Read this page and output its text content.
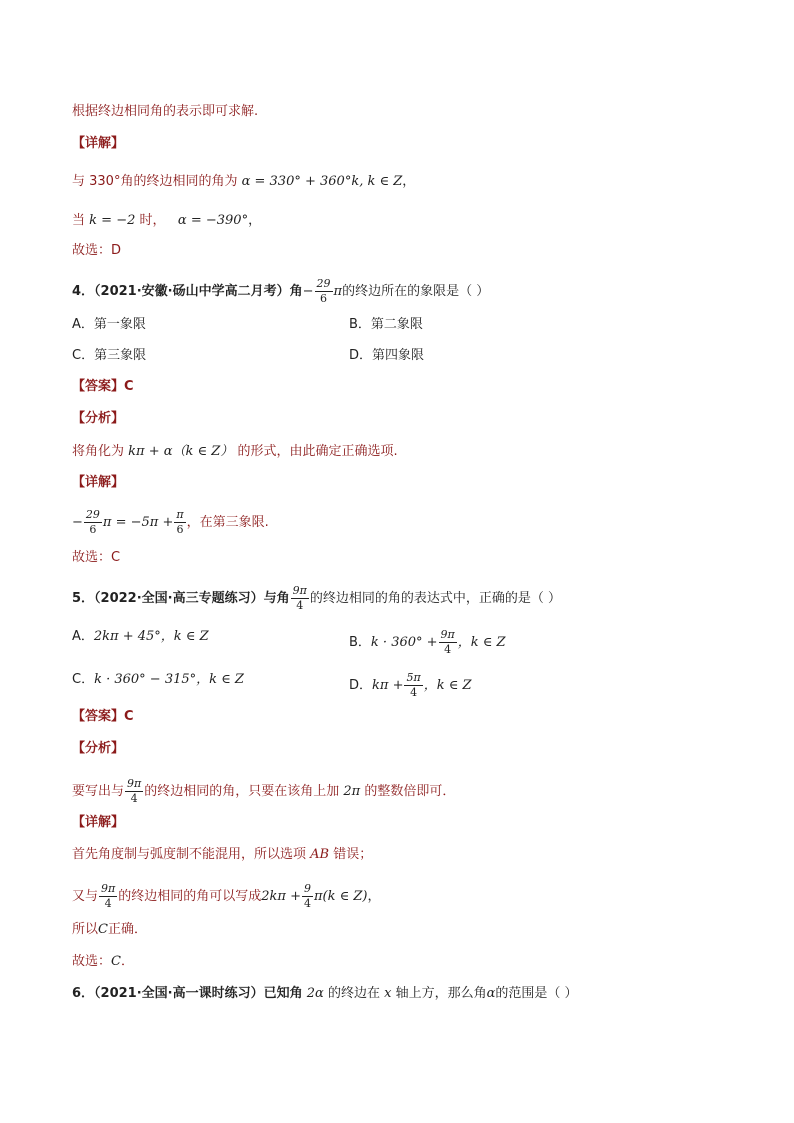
根据终边相同角的表示即可求解.
【详解】
与 330°角的终边相同的角为 α = 330° + 360°k, k ∈ Z，
当 k = −2 时， α = −390°，
故选：D
4．（2021·安徽·砀山中学高二月考）角− $\frac{29}{6}$ π的终边所在的象限是（ ）
A．第一象限	B．第二象限
C．第三象限	D．第四象限
【答案】C
【分析】
将角化为 kπ + α（k ∈ Z） 的形式，由此确定正确选项.
【详解】
− $\frac{29}{6}$ $\pi = -5\pi + \frac{\pi}{6}$ ，在第三象限.
故选：C
5．（2022·全国·高三专题练习）与角 $\frac{9\pi}{4}$ 的终边相同的角的表达式中，正确的是（ ）
A．2kπ + 45°，k ∈ Z	B．$k \cdot 360^\circ + \frac{9\pi}{4}$ ，k ∈ Z
C．k · 360° − 315°，k ∈ Z	D．$k\pi + \frac{5\pi}{4}$ ，k ∈ Z
【答案】C
【分析】
要写出与 $\frac{9\pi}{4}$ 的终边相同的角，只要在该角上加 2π 的整数倍即可．
【详解】
首先角度制与弧度制不能混用，所以选项 AB 错误；
又与 $\frac{9\pi}{4}$ 的终边相同的角可以写成$2k\pi + \frac{9}{4} \pi(k$ ∈ Z)，
所以C正确．
故选：C．
6．（2021·全国·高一课时练习）已知角 2α 的终边在 x 轴上方，那么角α的范围是（ ）
